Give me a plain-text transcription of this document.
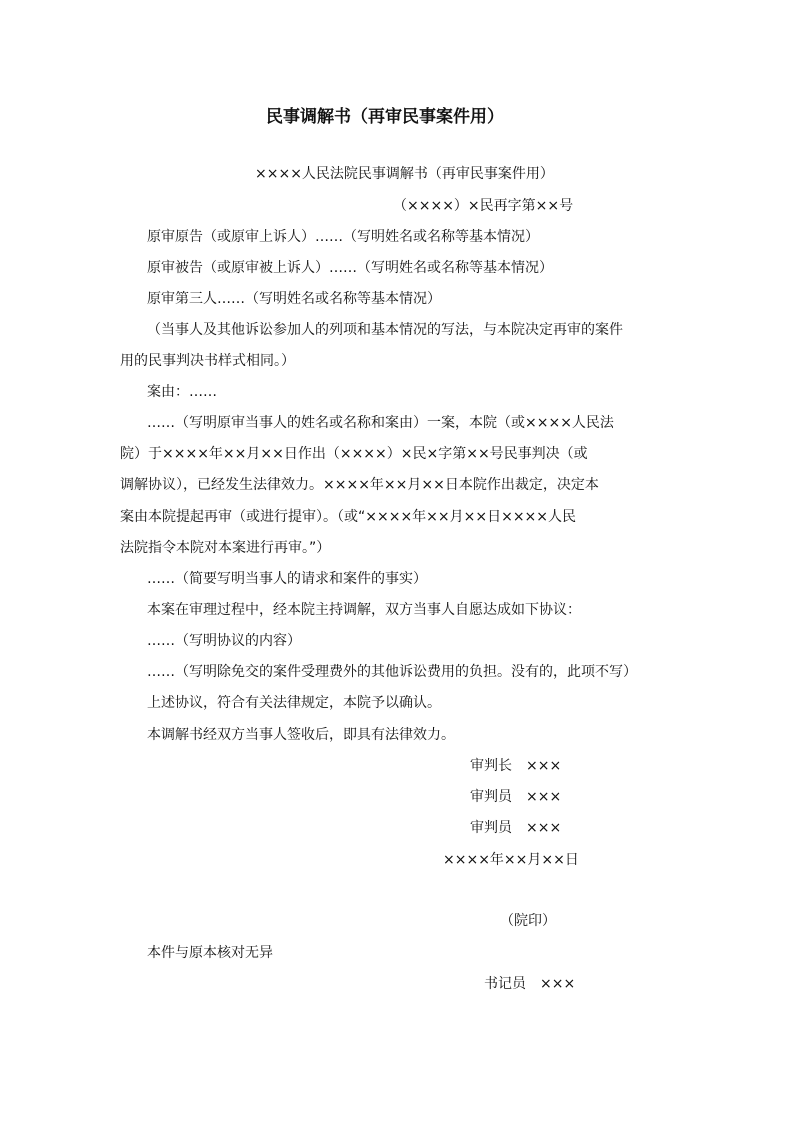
民事调解书（再审民事案件用）
××××人民法院民事调解书（再审民事案件用）
（××××）×民再字第××号
原审原告（或原审上诉人）……（写明姓名或名称等基本情况）
原审被告（或原审被上诉人）……（写明姓名或名称等基本情况）
原审第三人……（写明姓名或名称等基本情况）
（当事人及其他诉讼参加人的列项和基本情况的写法，与本院决定再审的案件
用的民事判决书样式相同。）
案由：……
……（写明原审当事人的姓名或名称和案由）一案，本院（或××××人民法
院）于××××年××月××日作出（××××）×民×字第××号民事判决（或
调解协议），已经发生法律效力。××××年××月××日本院作出裁定，决定本
案由本院提起再审（或进行提审）。（或“××××年××月××日××××人民
法院指令本院对本案进行再审。”）
……（简要写明当事人的请求和案件的事实）
本案在审理过程中，经本院主持调解，双方当事人自愿达成如下协议：
……（写明协议的内容）
……（写明除免交的案件受理费外的其他诉讼费用的负担。没有的，此项不写）
上述协议，符合有关法律规定，本院予以确认。
本调解书经双方当事人签收后，即具有法律效力。
审判长 ×××
审判员 ×××
审判员 ×××
××××年××月××日
（院印）
本件与原本核对无异
书记员 ×××
